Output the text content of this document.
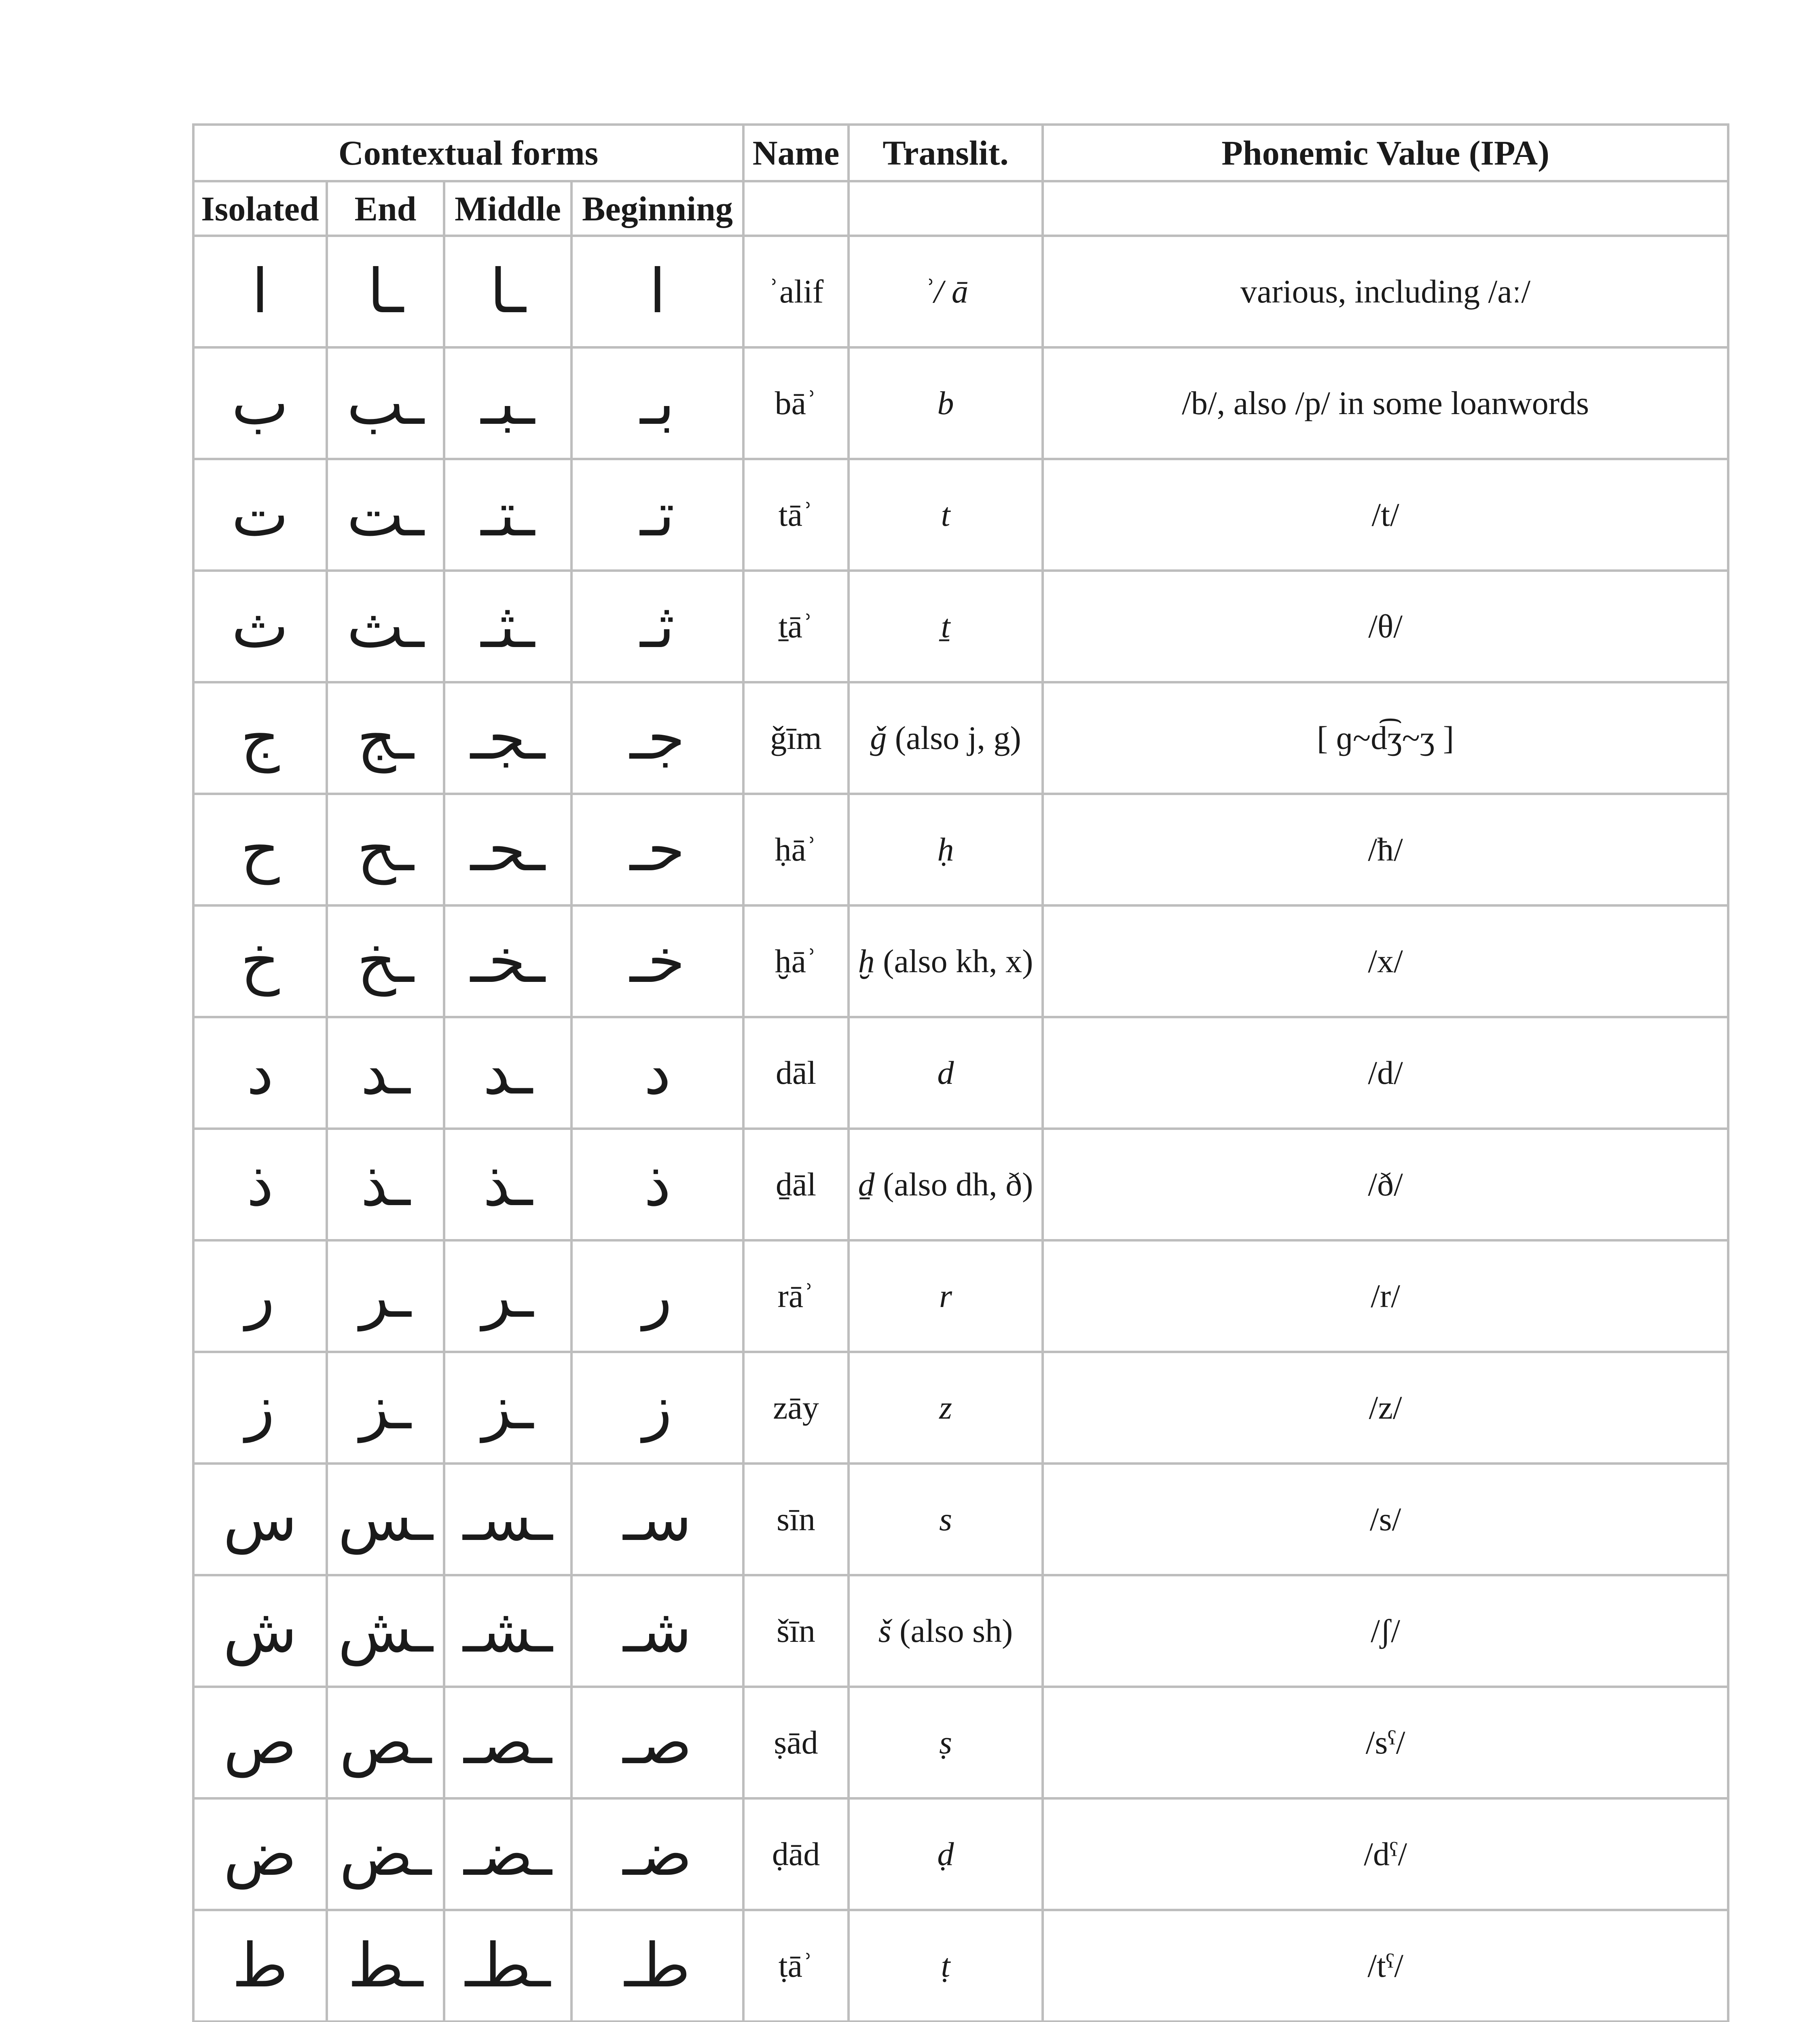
Contextual forms				Name	Translit.	Phonemic Value (IPA)
Isolated	End	Middle	Beginning			
ا	ـا	ـا	ا	ʾalif	ʾ/ ā	various, including /aː/
ب	ـب	ـبـ	بـ	bāʾ	b	/b/, also /p/ in some loanwords
ت	ـت	ـتـ	تـ	tāʾ	t	/t/
ث	ـث	ـثـ	ثـ	ṯāʾ	ṯ	/θ/
ج	ـج	ـجـ	جـ	ǧīm	ǧ (also j, g)	[ ɡ~d͡ʒ~ʒ ]
ح	ـح	ـحـ	حـ	ḥāʾ	ḥ	/ħ/
خ	ـخ	ـخـ	خـ	ḫāʾ	ḫ (also kh, x)	/x/
د	ـد	ـد	د	dāl	d	/d/
ذ	ـذ	ـذ	ذ	ḏāl	ḏ (also dh, ð)	/ð/
ر	ـر	ـر	ر	rāʾ	r	/r/
ز	ـز	ـز	ز	zāy	z	/z/
س	ـس	ـسـ	سـ	sīn	s	/s/
ش	ـش	ـشـ	شـ	šīn	š (also sh)	/ʃ/
ص	ـص	ـصـ	صـ	ṣād	ṣ	/sˤ/
ض	ـض	ـضـ	ضـ	ḍād	ḍ	/dˤ/
ط	ـط	ـطـ	طـ	ṭāʾ	ṭ	/tˤ/
